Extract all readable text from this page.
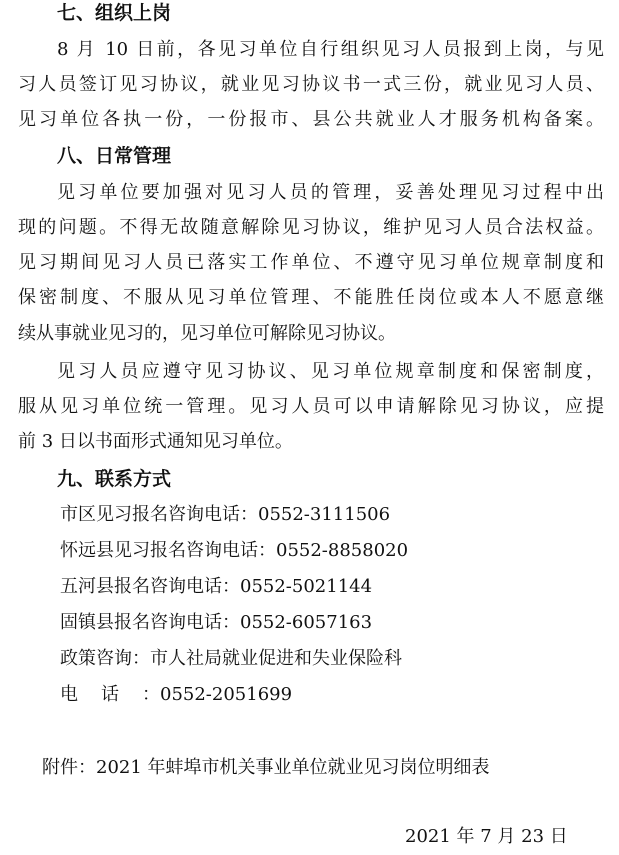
七、组织上岗
8 月 10 日前，各见习单位自行组织见习人员报到上岗，与见
习人员签订见习协议，就业见习协议书一式三份，就业见习人员、
见习单位各执一份，一份报市、县公共就业人才服务机构备案。
八、日常管理
见习单位要加强对见习人员的管理，妥善处理见习过程中出
现的问题。不得无故随意解除见习协议，维护见习人员合法权益。
见习期间见习人员已落实工作单位、不遵守见习单位规章制度和
保密制度、不服从见习单位管理、不能胜任岗位或本人不愿意继
续从事就业见习的，见习单位可解除见习协议。
见习人员应遵守见习协议、见习单位规章制度和保密制度，
服从见习单位统一管理。见习人员可以申请解除见习协议，应提
前 3 日以书面形式通知见习单位。
九、联系方式
市区见习报名咨询电话：0552-3111506
怀远县见习报名咨询电话：0552-8858020
五河县报名咨询电话：0552-5021144
固镇县报名咨询电话：0552-6057163
政策咨询：市人社局就业促进和失业保险科
电话：0552-2051699
附件：2021 年蚌埠市机关事业单位就业见习岗位明细表
2021 年 7 月 23 日
